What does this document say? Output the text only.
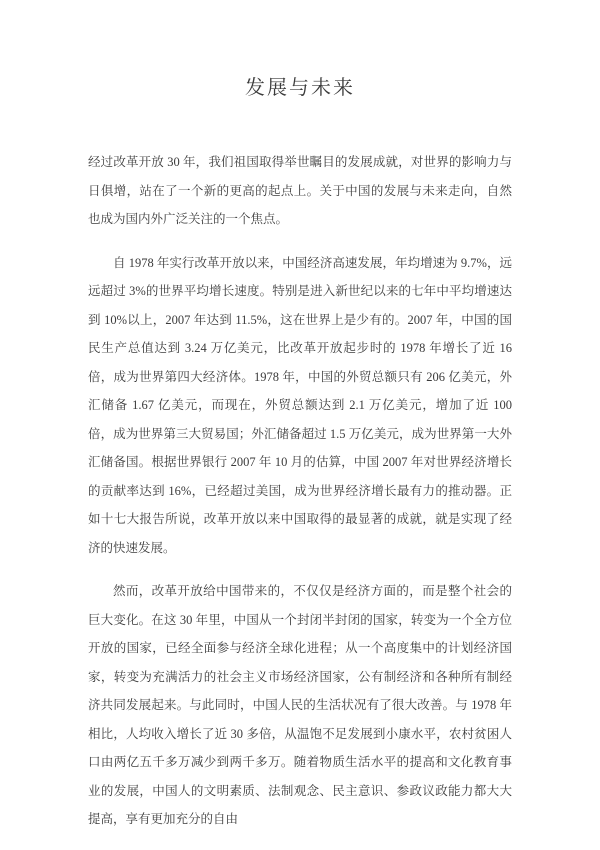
发展与未来

经过改革开放 30 年，我们祖国取得举世瞩目的发展成就，对世界的影响力与日俱增，站在了一个新的更高的起点上。关于中国的发展与未来走向，自然也成为国内外广泛关注的一个焦点。

自 1978 年实行改革开放以来，中国经济高速发展，年均增速为 9.7%，远远超过 3%的世界平均增长速度。特别是进入新世纪以来的七年中平均增速达到 10%以上，2007 年达到 11.5%，这在世界上是少有的。2007 年，中国的国民生产总值达到 3.24 万亿美元，比改革开放起步时的 1978 年增长了近 16 倍，成为世界第四大经济体。1978 年，中国的外贸总额只有 206 亿美元，外汇储备 1.67 亿美元，而现在，外贸总额达到 2.1 万亿美元，增加了近 100 倍，成为世界第三大贸易国；外汇储备超过 1.5 万亿美元，成为世界第一大外汇储备国。根据世界银行 2007 年 10 月的估算，中国 2007 年对世界经济增长的贡献率达到 16%，已经超过美国，成为世界经济增长最有力的推动器。正如十七大报告所说，改革开放以来中国取得的最显著的成就，就是实现了经济的快速发展。

然而，改革开放给中国带来的，不仅仅是经济方面的，而是整个社会的巨大变化。在这 30 年里，中国从一个封闭半封闭的国家，转变为一个全方位开放的国家，已经全面参与经济全球化进程；从一个高度集中的计划经济国家，转变为充满活力的社会主义市场经济国家，公有制经济和各种所有制经济共同发展起来。与此同时，中国人民的生活状况有了很大改善。与 1978 年相比，人均收入增长了近 30 多倍，从温饱不足发展到小康水平，农村贫困人口由两亿五千多万减少到两千多万。随着物质生活水平的提高和文化教育事业的发展，中国人的文明素质、法制观念、民主意识、参政议政能力都大大提高，享有更加充分的自由
